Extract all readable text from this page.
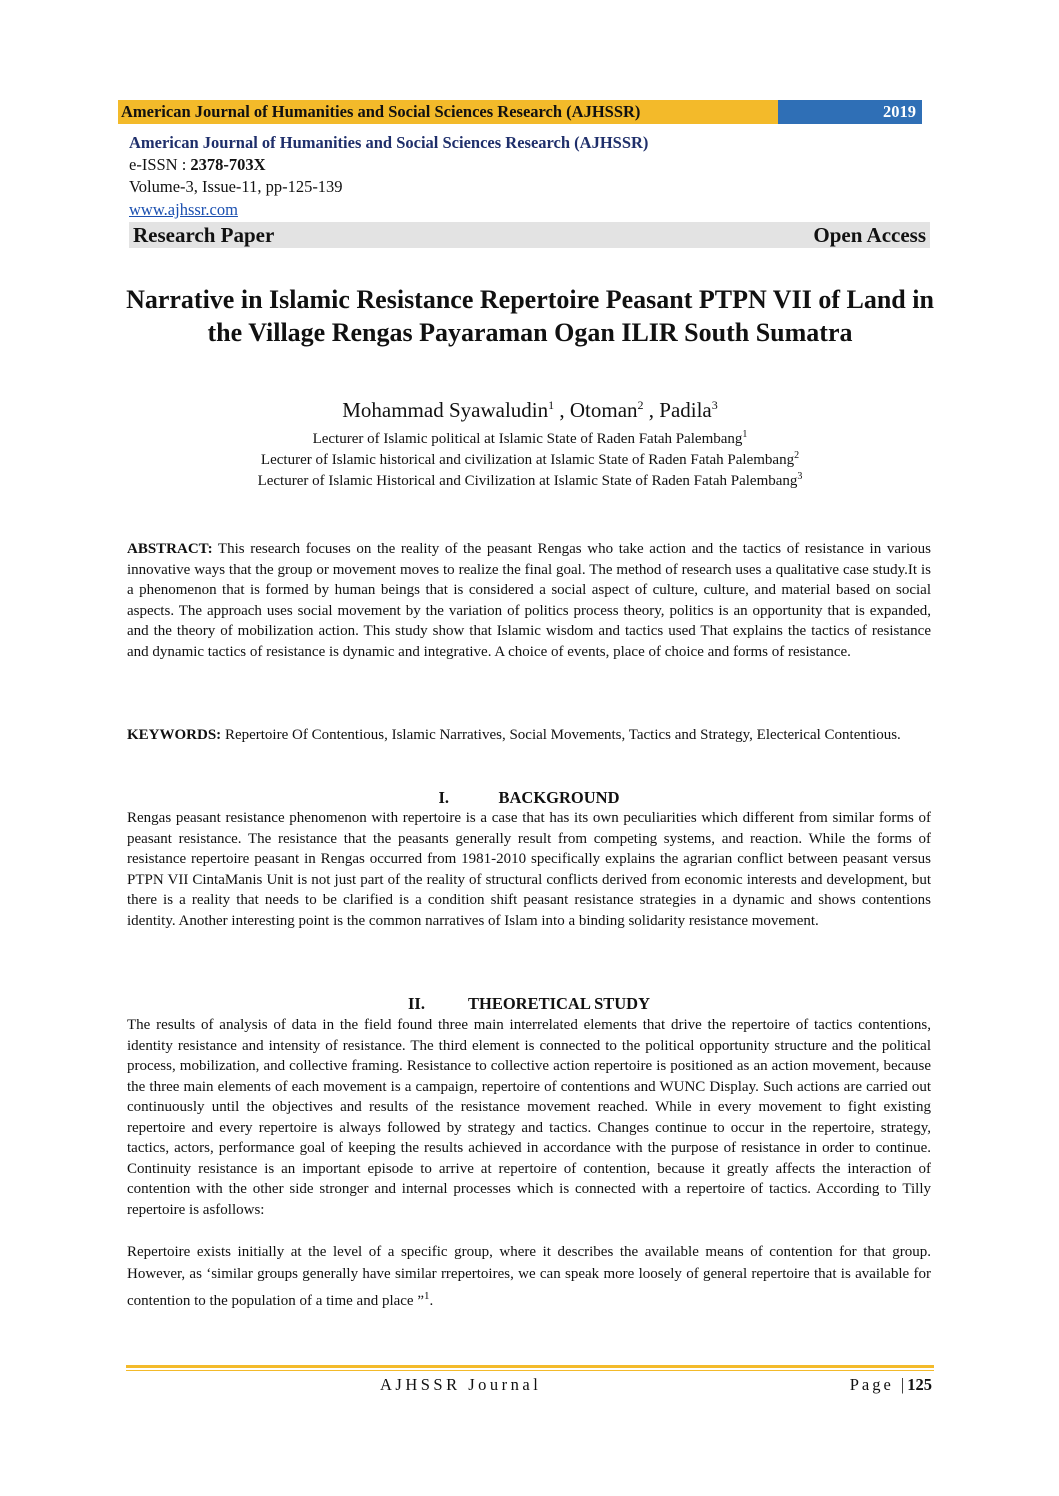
American Journal of Humanities and Social Sciences Research (AJHSSR)	2019
American Journal of Humanities and Social Sciences Research (AJHSSR)
e-ISSN : 2378-703X
Volume-3, Issue-11, pp-125-139
www.ajhssr.com
Research Paper	Open Access
Narrative in Islamic Resistance Repertoire Peasant PTPN VII of Land in the Village Rengas Payaraman Ogan ILIR South Sumatra
Mohammad Syawaludin$^1$ , Otoman$^2$ , Padila$^3$
Lecturer of Islamic political at Islamic State of Raden Fatah Palembang$^1$
Lecturer of Islamic historical and civilization at Islamic State of Raden Fatah Palembang$^2$
Lecturer of Islamic Historical and Civilization at Islamic State of Raden Fatah Palembang$^3$
ABSTRACT: This research focuses on the reality of the peasant Rengas who take action and the tactics of resistance in various innovative ways that the group or movement moves to realize the final goal. The method of research uses a qualitative case study.It is a phenomenon that is formed by human beings that is considered a social aspect of culture, culture, and material based on social aspects. The approach uses social movement by the variation of politics process theory, politics is an opportunity that is expanded, and the theory of mobilization action. This study show that Islamic wisdom and tactics used That explains the tactics of resistance and dynamic tactics of resistance is dynamic and integrative. A choice of events, place of choice and forms of resistance.
KEYWORDS: Repertoire Of Contentious, Islamic Narratives, Social Movements, Tactics and Strategy, Electerical Contentious.
I.	BACKGROUND
Rengas peasant resistance phenomenon with repertoire is a case that has its own peculiarities which different from similar forms of peasant resistance. The resistance that the peasants generally result from competing systems, and reaction. While the forms of resistance repertoire peasant in Rengas occurred from 1981-2010 specifically explains the agrarian conflict between peasant versus PTPN VII CintaManis Unit is not just part of the reality of structural conflicts derived from economic interests and development, but there is a reality that needs to be clarified is a condition shift peasant resistance strategies in a dynamic and shows contentions identity. Another interesting point is the common narratives of Islam into a binding solidarity resistance movement.
II.	THEORETICAL STUDY
The results of analysis of data in the field found three main interrelated elements that drive the repertoire of tactics contentions, identity resistance and intensity of resistance. The third element is connected to the political opportunity structure and the political process, mobilization, and collective framing. Resistance to collective action repertoire is positioned as an action movement, because the three main elements of each movement is a campaign, repertoire of contentions and WUNC Display. Such actions are carried out continuously until the objectives and results of the resistance movement reached. While in every movement to fight existing repertoire and every repertoire is always followed by strategy and tactics. Changes continue to occur in the repertoire, strategy, tactics, actors, performance goal of keeping the results achieved in accordance with the purpose of resistance in order to continue. Continuity resistance is an important episode to arrive at repertoire of contention, because it greatly affects the interaction of contention with the other side stronger and internal processes which is connected with a repertoire of tactics. According to Tilly repertoire is asfollows:
Repertoire exists initially at the level of a specific group, where it describes the available means of contention for that group. However, as ‘similar groups generally have similar rrepertoires, we can speak more loosely of general repertoire that is available for contention to the population of a time and place ”$^1$.
AJHSSR Journal	Page |125
